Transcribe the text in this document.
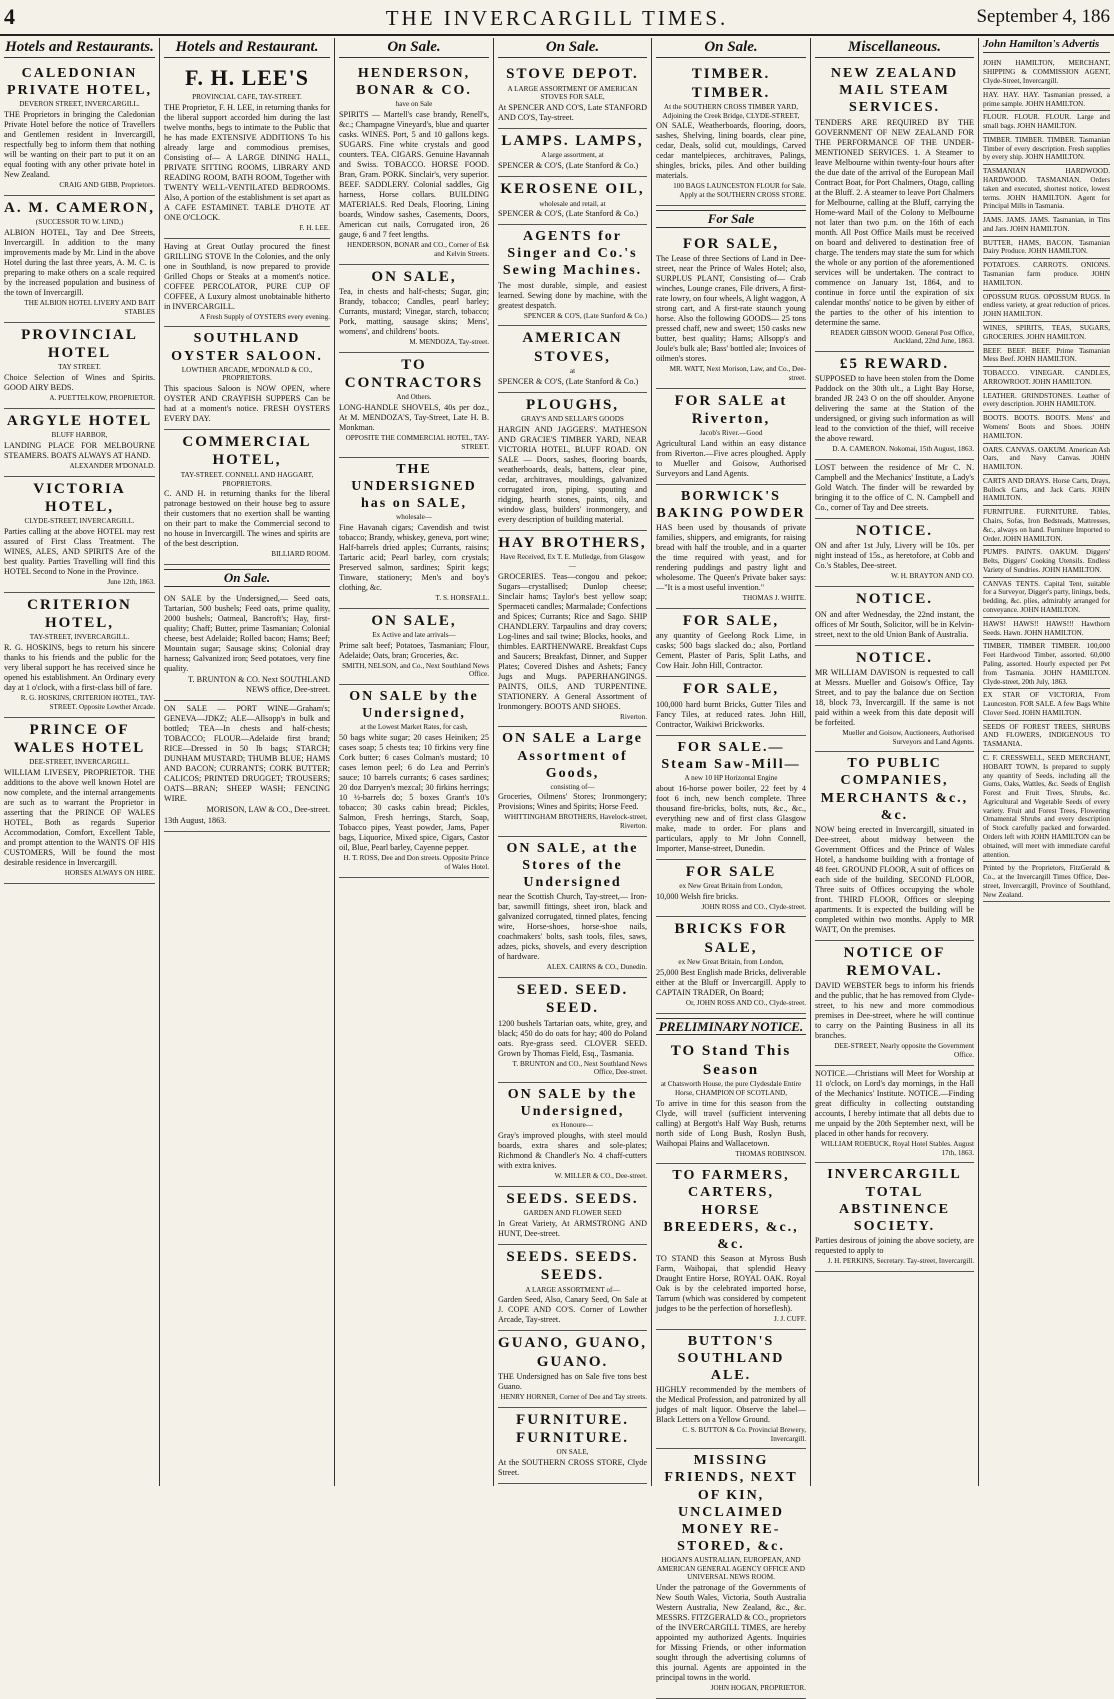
4	THE INVERCARGILL TIMES.	September 4, 186
Hotels and Restaurants.

CALEDONIAN PRIVATE HOTEL,

DEVERON STREET, INVERCARGILL.

THE Proprietors in bringing the Caledonian Private Hotel before the notice of Travellers and Gentlemen resident in Invercargill, respectfully beg to inform them that nothing will be wanting on their part to put it on an equal footing with any other private hotel in New Zealand.

CRAIG AND GIBB, Proprietors.

A. M. CAMERON,

(SUCCESSOR TO W. LIND,)

ALBION HOTEL, Tay and Dee Streets, Invercargill. In addition to the many improvements made by Mr. Lind in the above Hotel during the last three years, A. M. C. is preparing to make others on a scale required by the increased population and business of the town of Invercargill.

THE ALBION HOTEL LIVERY AND BAIT STABLES

PROVINCIAL HOTEL

TAY STREET.

Choice Selection of Wines and Spirits. GOOD AIRY BEDS.

A. PUETTELKOW, PROPRIETOR.

ARGYLE HOTEL

BLUFF HARBOR,

LANDING PLACE FOR MELBOURNE STEAMERS. BOATS ALWAYS AT HAND.

ALEXANDER M'DONALD.

VICTORIA HOTEL,

CLYDE-STREET, INVERCARGILL.

Parties calling at the above HOTEL may rest assured of First Class Treatment. The WINES, ALES, AND SPIRITS Are of the best quality. Parties Travelling will find this HOTEL Second to None in the Province.

June 12th, 1863.

CRITERION HOTEL,

TAY-STREET, INVERCARGILL.

R. G. HOSKINS, begs to return his sincere thanks to his friends and the public for the very liberal support he has received since he opened his establishment. An Ordinary every day at 1 o'clock, with a first-class bill of fare.

R. G. HOSKINS, CRITERION HOTEL, TAY-STREET. Opposite Lowther Arcade.

PRINCE OF WALES HOTEL

DEE-STREET, INVERCARGILL.

WILLIAM LIVESEY, PROPRIETOR. THE additions to the above well known Hotel are now complete, and the internal arrangements are such as to warrant the Proprietor in asserting that the PRINCE OF WALES HOTEL, Both as regards Superior Accommodation, Comfort, Excellent Table, and prompt attention to the WANTS OF HIS CUSTOMERS, Will be found the most desirable residence in Invercargill.

HORSES ALWAYS ON HIRE.

Hotels and Restaurant.

F. H. LEE'S

PROVINCIAL CAFE, TAY-STREET.

THE Proprietor, F. H. LEE, in returning thanks for the liberal support accorded him during the last twelve months, begs to intimate to the Public that he has made EXTENSIVE ADDITIONS To his already large and commodious premises, Consisting of— A LARGE DINING HALL, PRIVATE SITTING ROOMS, LIBRARY AND READING ROOM, BATH ROOM, Together with TWENTY WELL-VENTILATED BEDROOMS. Also, A portion of the establishment is set apart as A CAFE ESTAMINET. TABLE D'HOTE AT ONE O'CLOCK.

F. H. LEE.

Having at Great Outlay procured the finest GRILLING STOVE In the Colonies, and the only one in Southland, is now prepared to provide Grilled Chops or Steaks at a moment's notice. COFFEE PERCOLATOR, PURE CUP OF COFFEE, A Luxury almost unobtainable hitherto in INVERCARGILL.

A Fresh Supply of OYSTERS every evening.

SOUTHLAND OYSTER SALOON.

LOWTHER ARCADE, M'DONALD & CO., PROPRIETORS.

This spacious Saloon is NOW OPEN, where OYSTER AND CRAYFISH SUPPERS Can be had at a moment's notice. FRESH OYSTERS EVERY DAY.

COMMERCIAL HOTEL,

TAY-STREET. CONNELL AND HAGGART, PROPRIETORS.

C. AND H. in returning thanks for the liberal patronage bestowed on their house beg to assure their customers that no exertion shall be wanting on their part to make the Commercial second to no house in Invercargill. The wines and spirits are of the best description.

BILLIARD ROOM.

On Sale.

ON SALE by the Undersigned,— Seed oats, Tartarian, 500 bushels; Feed oats, prime quality, 2000 bushels; Oatmeal, Bancroft's; Hay, first-quality; Chaff; Butter, prime Tasmanian; Colonial cheese, best Adelaide; Rolled bacon; Hams; Beef; Mountain sugar; Sausage skins; Colonial dray harness; Galvanized iron; Seed potatoes, very fine quality.

T. BRUNTON & CO. Next SOUTHLAND NEWS office, Dee-street.

ON SALE — PORT WINE—Graham's; GENEVA—JDKZ; ALE—Allsopp's in bulk and bottled; TEA—In chests and half-chests; TOBACCO; FLOUR—Adelaide first brand; RICE—Dressed in 50 lb bags; STARCH; DUNHAM MUSTARD; THUMB BLUE; HAMS AND BACON; CURRANTS; CORK BUTTER; CALICOS; PRINTED DRUGGET; TROUSERS; OATS—BRAN; SHEEP WASH; FENCING WIRE.

MORISON, LAW & CO., Dee-street.

13th August, 1863.

On Sale.

HENDERSON, BONAR & CO.

have on Sale

SPIRITS — Martell's case brandy, Renell's, &c.; Champagne Vineyard's, blue and quarter casks. WINES. Port, 5 and 10 gallons kegs. SUGARS. Fine white crystals and good counters. TEA. CIGARS. Genuine Havannah and Swiss. TOBACCO. HORSE FOOD. Bran, Gram. PORK. Sinclair's, very superior. BEEF. SADDLERY. Colonial saddles, Gig harness, Horse collars. BUILDING MATERIALS. Red Deals, Flooring, Lining boards, Window sashes, Casements, Doors, American cut nails, Corrugated iron, 26 gauge, 6 and 7 feet lengths.

HENDERSON, BONAR and CO., Corner of Esk and Kelvin Streets.

ON SALE,

Tea, in chests and half-chests; Sugar, gin; Brandy, tobacco; Candles, pearl barley; Currants, mustard; Vinegar, starch, tobacco; Pork, matting, sausage skins; Mens', womens', and childrens' boots.

M. MENDOZA, Tay-street.

TO CONTRACTORS

And Others.

LONG-HANDLE SHOVELS, 40s per doz., At M. MENDOZA'S, Tay-Street, Late H. B. Monkman.

OPPOSITE THE COMMERCIAL HOTEL, TAY-STREET.

THE UNDERSIGNED has on SALE,

wholesale—

Fine Havanah cigars; Cavendish and twist tobacco; Brandy, whiskey, geneva, port wine; Half-barrels dried apples; Currants, raisins; Tartaric acid; Pearl barley, corn crystals; Preserved salmon, sardines; Spirit kegs; Tinware, stationery; Men's and boy's clothing, &c.

T. S. HORSFALL.

ON SALE,

Ex Active and late arrivals—

Prime salt beef; Potatoes, Tasmanian; Flour, Adelaide; Oats, bran; Groceries, &c.

SMITH, NELSON, and Co., Next Southland News Office.

ON SALE by the Undersigned,

at the Lowest Market Rates, for cash,

50 bags white sugar; 20 cases Heiniken; 25 cases soap; 5 chests tea; 10 firkins very fine Cork butter; 6 cases Colman's mustard; 10 cases lemon peel; 6 do Lea and Perrin's sauce; 10 barrels currants; 6 cases sardines; 20 doz Darryen's mezcal; 30 firkins herrings; 10 ½-barrels do; 5 boxes Grant's 10's tobacco; 30 casks cabin bread; Pickles, Salmon, Fresh herrings, Starch, Soap, Tobacco pipes, Yeast powder, Jams, Paper bags, Liquorice, Mixed spice, Cigars, Castor oil, Blue, Pearl barley, Cayenne pepper.

H. T. ROSS, Dee and Don streets. Opposite Prince of Wales Hotel.

On Sale.

STOVE DEPOT.

A LARGE ASSORTMENT OF AMERICAN STOVES FOR SALE,

At SPENCER AND CO'S, Late STANFORD AND CO'S, Tay-street.

LAMPS. LAMPS,

A large assortment, at

SPENCER & CO'S, (Late Stanford & Co.)

KEROSENE OIL,

wholesale and retail, at

SPENCER & CO'S, (Late Stanford & Co.)

AGENTS for Singer and Co.'s Sewing Machines.

The most durable, simple, and easiest learned. Sewing done by machine, with the greatest despatch.

SPENCER & CO'S, (Late Stanford & Co.)

AMERICAN STOVES,

at

SPENCER & CO'S, (Late Stanford & Co.)

PLOUGHS,

GRAY'S AND SELLAR'S GOODS

HARGIN AND JAGGERS'. MATHESON AND GRACIE'S TIMBER YARD, NEAR VICTORIA HOTEL, BLUFF ROAD. ON SALE — Doors, sashes, flooring boards, weatherboards, deals, battens, clear pine, cedar, architraves, mouldings, galvanized corrugated iron, piping, spouting and ridging, hearth stones, paints, oils, and window glass, builders' ironmongery, and every description of building material.

HAY BROTHERS,

Have Received, Ex T. E. Mulledge, from Glasgow—

GROCERIES. Teas—congou and pekoe; Sugars—crystallised; Dunlop cheese; Sinclair hams; Taylor's best yellow soap; Spermaceti candles; Marmalade; Confections and Spices; Currants; Rice and Sago. SHIP CHANDLERY. Tarpaulins and dray covers; Log-lines and sail twine; Blocks, hooks, and thimbles. EARTHENWARE. Breakfast Cups and Saucers; Breakfast, Dinner, and Supper Plates; Covered Dishes and Ashets; Fancy Jugs and Mugs. PAPERHANGINGS. PAINTS, OILS, AND TURPENTINE. STATIONERY. A General Assortment of Ironmongery. BOOTS AND SHOES.

Riverton.

ON SALE a Large Assortment of Goods,

consisting of—

Groceries, Oilmens' Stores; Ironmongery; Provisions; Wines and Spirits; Horse Feed.

WHITTINGHAM BROTHERS, Havelock-street, Riverton.

ON SALE, at the Stores of the Undersigned

near the Scottish Church, Tay-street,— Iron-bar, sawmill fittings, sheet iron, black and galvanized corrugated, tinned plates, fencing wire, Horse-shoes, horse-shoe nails, coachmakers' bolts, sash tools, files, saws, adzes, picks, shovels, and every description of hardware.

ALEX. CAIRNS & CO., Dunedin.

SEED. SEED. SEED.

1200 bushels Tartarian oats, white, grey, and black; 450 do do oats for hay; 400 do Poland oats. Rye-grass seed. CLOVER SEED. Grown by Thomas Field, Esq., Tasmania.

T. BRUNTON and CO., Next Southland News Office, Dee-street.

ON SALE by the Undersigned,

ex Honoure—

Gray's improved ploughs, with steel mould boards, extra shares and sole-plates; Richmond & Chandler's No. 4 chaff-cutters with extra knives.

W. MILLER & CO., Dee-street.

SEEDS. SEEDS.

GARDEN AND FLOWER SEED

In Great Variety, At ARMSTRONG AND HUNT, Dee-street.

SEEDS. SEEDS. SEEDS.

A LARGE ASSORTMENT of—

Garden Seed, Also, Canary Seed, On Sale at J. COPE AND CO'S. Corner of Lowther Arcade, Tay-street.

GUANO, GUANO, GUANO.

THE Undersigned has on Sale five tons best Guano.

HENRY HORNER, Corner of Dee and Tay streets.

FURNITURE. FURNITURE.

ON SALE,

At the SOUTHERN CROSS STORE, Clyde Street.

On Sale.

TIMBER. TIMBER.

At the SOUTHERN CROSS TIMBER YARD, Adjoining the Creek Bridge, CLYDE-STREET,

ON SALE, Weatherboards, flooring, doors, sashes, Shelving, lining boards, clear pine, cedar, Deals, solid cut, mouldings, Carved cedar mantelpieces, architraves, Palings, shingles, bricks, piles. And other building materials.

100 BAGS LAUNCESTON FLOUR for Sale. Apply at the SOUTHERN CROSS STORE.

For Sale

FOR SALE,

The Lease of three Sections of Land in Dee-street, near the Prince of Wales Hotel; also, SURPLUS PLANT, Consisting of— Crab winches, Lounge cranes, File drivers, A first-rate lowry, on four wheels, A light waggon, A strong cart, and A first-rate staunch young horse. Also the following GOODS— 25 tons pressed chaff, new and sweet; 150 casks new butter, best quality; Hams; Allsopp's and Joule's bulk ale; Bass' bottled ale; Invoices of oilmen's stores.

MR. WATT, Next Morison, Law, and Co., Dee-street.

FOR SALE at Riverton,

Jacob's River.—Good

Agricultural Land within an easy distance from Riverton.—Five acres ploughed. Apply to Mueller and Goisow, Authorised Surveyors and Land Agents.

BORWICK'S BAKING POWDER

HAS been used by thousands of private families, shippers, and emigrants, for raising bread with half the trouble, and in a quarter the time required with yeast, and for rendering puddings and pastry light and wholesome. The Queen's Private baker says:—"It is a most useful invention."

THOMAS J. WHITE.

FOR SALE,

any quantity of Geelong Rock Lime, in casks; 500 bags slacked do.; also, Portland Cement, Plaster of Paris, Split Laths, and Cow Hair. John Hill, Contractor.

FOR SALE,

100,000 hard burnt Bricks, Gutter Tiles and Fancy Tiles, at reduced rates. John Hill, Contractor, Waikiwi Brickworks.

FOR SALE.—Steam Saw-Mill—

A new 10 HP Horizontal Engine

about 16-horse power boiler, 22 feet by 4 foot 6 inch, new bench complete. Three thousand fire-bricks, bolts, nuts, &c., &c., everything new and of first class Glasgow make, made to order. For plans and particulars, apply to Mr John Connell, Importer, Manse-street, Dunedin.

FOR SALE

ex New Great Britain from London,

10,000 Welsh fire bricks.

JOHN ROSS and CO., Clyde-street.

BRICKS FOR SALE,

ex New Great Britain, from London,

25,000 Best English made Bricks, deliverable either at the Bluff or Invercargill. Apply to CAPTAIN TRADER, On Board;

Or, JOHN ROSS AND CO., Clyde-street.

PRELIMINARY NOTICE.

TO Stand This Season

at Chatsworth House, the pure Clydesdale Entire Horse, CHAMPION OF SCOTLAND,

To arrive in time for this season from the Clyde, will travel (sufficient intervening calling) at Bergott's Half Way Bush, returns north side of Long Bush, Roslyn Bush, Waihopai Plains and Wallacetown.

THOMAS ROBINSON.

TO FARMERS, CARTERS, HORSE BREEDERS, &c., &c.

TO STAND this Season at Myross Bush Farm, Waihopai, that splendid Heavy Draught Entire Horse, ROYAL OAK. Royal Oak is by the celebrated imported horse, Tarrum (which was considered by competent judges to be the perfection of horseflesh).

J. J. CUFF.

BUTTON'S SOUTHLAND ALE.

HIGHLY recommended by the members of the Medical Profession, and patronized by all judges of malt liquor. Observe the label—Black Letters on a Yellow Ground.

C. S. BUTTON & Co. Provincial Brewery, Invercargill.

MISSING FRIENDS, NEXT OF KIN, UNCLAIMED MONEY RE-STORED, &c.

HOGAN'S AUSTRALIAN, EUROPEAN, AND AMERICAN GENERAL AGENCY OFFICE AND UNIVERSAL NEWS ROOM.

Under the patronage of the Governments of New South Wales, Victoria, South Australia Western Australia, New Zealand, &c., &c. MESSRS. FITZGERALD & CO., proprietors of the INVERCARGILL TIMES, are hereby appointed my authorized Agents. Inquiries for Missing Friends, or other information sought through the advertising columns of this journal. Agents are appointed in the principal towns in the world.

JOHN HOGAN, PROPRIETOR.

Miscellaneous.

NEW ZEALAND MAIL STEAM SERVICES.

TENDERS ARE REQUIRED BY THE GOVERNMENT OF NEW ZEALAND FOR THE PERFORMANCE OF THE UNDER-MENTIONED SERVICES. 1. A Steamer to leave Melbourne within twenty-four hours after the due date of the arrival of the European Mail Contract Boat, for Port Chalmers, Otago, calling at the Bluff. 2. A steamer to leave Port Chalmers for Melbourne, calling at the Bluff, carrying the Home-ward Mail of the Colony to Melbourne not later than two p.m. on the 16th of each month. All Post Office Mails must be received on board and delivered to destination free of charge. The tenders may state the sum for which the whole or any portion of the aforementioned services will be undertaken. The contract to commence on January 1st, 1864, and to continue in force until the expiration of six calendar months' notice to be given by either of the parties to the other of his intention to determine the same.

READER GIBSON WOOD. General Post Office, Auckland, 22nd June, 1863.

£5 REWARD.

SUPPOSED to have been stolen from the Dome Paddock on the 30th ult., a Light Bay Horse, branded JR 243 O on the off shoulder. Anyone delivering the same at the Station of the undersigned, or giving such information as will lead to the conviction of the thief, will receive the above reward.

D. A. CAMERON. Nokomai, 15th August, 1863.

LOST between the residence of Mr C. N. Campbell and the Mechanics' Institute, a Lady's Gold Watch. The finder will be rewarded by bringing it to the office of C. N. Campbell and Co., corner of Tay and Dee streets.

NOTICE.

ON and after 1st July, Livery will be 10s. per night instead of 15s., as heretofore, at Cobb and Co.'s Stables, Dee-street.

W. H. BRAYTON AND CO.

NOTICE.

ON and after Wednesday, the 22nd instant, the offices of Mr South, Solicitor, will be in Kelvin-street, next to the old Union Bank of Australia.

NOTICE.

MR WILLIAM DAVISON is requested to call at Messrs. Mueller and Goisow's Office, Tay Street, and to pay the balance due on Section 18, block 73, Invercargill. If the same is not paid within a week from this date deposit will be forfeited.

Mueller and Goisow, Auctioneers, Authorised Surveyors and Land Agents.

TO PUBLIC COMPANIES, MERCHANTS &c., &c.

NOW being erected in Invercargill, situated in Dee-street, about midway between the Government Offices and the Prince of Wales Hotel, a handsome building with a frontage of 48 feet. GROUND FLOOR, A suit of offices on each side of the building. SECOND FLOOR, Three suits of Offices occupying the whole front. THIRD FLOOR, Offices or sleeping apartments. It is expected the building will be completed within two months. Apply to MR WATT, On the premises.

NOTICE OF REMOVAL.

DAVID WEBSTER begs to inform his friends and the public, that he has removed from Clyde-street, to his new and more commodious premises in Dee-street, where he will continue to carry on the Painting Business in all its branches.

DEE-STREET, Nearly opposite the Government Office.

NOTICE.—Christians will Meet for Worship at 11 o'clock, on Lord's day mornings, in the Hall of the Mechanics' Institute. NOTICE.—Finding great difficulty in collecting outstanding accounts, I hereby intimate that all debts due to me unpaid by the 20th September next, will be placed in other hands for recovery.

WILLIAM ROEBUCK, Royal Hotel Stables. August 17th, 1863.

INVERCARGILL TOTAL ABSTINENCE SOCIETY.

Parties desirous of joining the above society, are requested to apply to

J. H. PERKINS, Secretary. Tay-street, Invercargill.

John Hamilton's Advertis
JOHN HAMILTON, MERCHANT, SHIPPING & COMMISSION AGENT, Clyde-Street, Invercargill.
HAY. HAY. HAY. Tasmanian pressed, a prime sample. JOHN HAMILTON.
FLOUR. FLOUR. FLOUR. Large and small bags. JOHN HAMILTON.
TIMBER. TIMBER. TIMBER. Tasmanian Timber of every description. Fresh supplies by every ship. JOHN HAMILTON.
TASMANIAN HARDWOOD. HARDWOOD. TASMANIAN. Orders taken and executed, shortest notice, lowest terms. JOHN HAMILTON. Agent for Principal Mills in Tasmania.
JAMS. JAMS. JAMS. Tasmanian, in Tins and Jars. JOHN HAMILTON.
BUTTER, HAMS, BACON. Tasmanian Dairy Produce. JOHN HAMILTON.
POTATOES. CARROTS. ONIONS. Tasmanian farm produce. JOHN HAMILTON.
OPOSSUM RUGS. OPOSSUM RUGS. In endless variety, at great reduction of prices. JOHN HAMILTON.
WINES, SPIRITS, TEAS, SUGARS, GROCERIES. JOHN HAMILTON.
BEEF. BEEF. BEEF. Prime Tasmanian Mess Beef. JOHN HAMILTON.
TOBACCO. VINEGAR. CANDLES, ARROWROOT. JOHN HAMILTON.
LEATHER. GRINDSTONES. Leather of every description. JOHN HAMILTON.
BOOTS. BOOTS. BOOTS. Mens' and Womens' Boots and Shoes. JOHN HAMILTON.
OARS. CANVAS. OAKUM. American Ash Oars, and Navy Canvas. JOHN HAMILTON.
CARTS AND DRAYS. Horse Carts, Drays, Bullock Carts, and Jack Carts. JOHN HAMILTON.
FURNITURE. FURNITURE. Tables, Chairs, Sofas, Iron Bedsteads, Mattresses, &c., always on hand. Furniture Imported to Order. JOHN HAMILTON.
PUMPS. PAINTS. OAKUM. Diggers' Belts, Diggers' Cooking Utensils. Endless Variety of Sundries. JOHN HAMILTON.
CANVAS TENTS. Capital Tent, suitable for a Surveyor, Digger's party, linings, beds, bedding, &c. plies, admirably arranged for conveyance. JOHN HAMILTON.
HAWS! HAWS!! HAWS!!! Hawthorn Seeds. Hawn. JOHN HAMILTON.
TIMBER, TIMBER TIMBER. 100,000 Feet Hardwood Timber, assorted. 60,000 Paling, assorted. Hourly expected per Pet from Tasmania. JOHN HAMILTON. Clyde-street, 20th July, 1863.
EX STAR OF VICTORIA, From Launceston. FOR SALE. A few Bags White Clover Seed. JOHN HAMILTON.
SEEDS OF FOREST TREES, SHRUBS AND FLOWERS, INDIGENOUS TO TASMANIA.
C. F. CRESSWELL, SEED MERCHANT, HOBART TOWN, Is prepared to supply any quantity of Seeds, including all the Gums, Oaks, Wattles, &c. Seeds of English Forest and Fruit Trees, Shrubs, &c. Agricultural and Vegetable Seeds of every variety. Fruit and Forest Trees, Flowering Ornamental Shrubs and every description of Stock carefully packed and forwarded. Orders left with JOHN HAMILTON can be obtained, will meet with immediate careful attention.
Printed by the Proprietors, FitzGerald & Co., at the Invercargill Times Office, Dee-street, Invercargill, Province of Southland, New Zealand.
